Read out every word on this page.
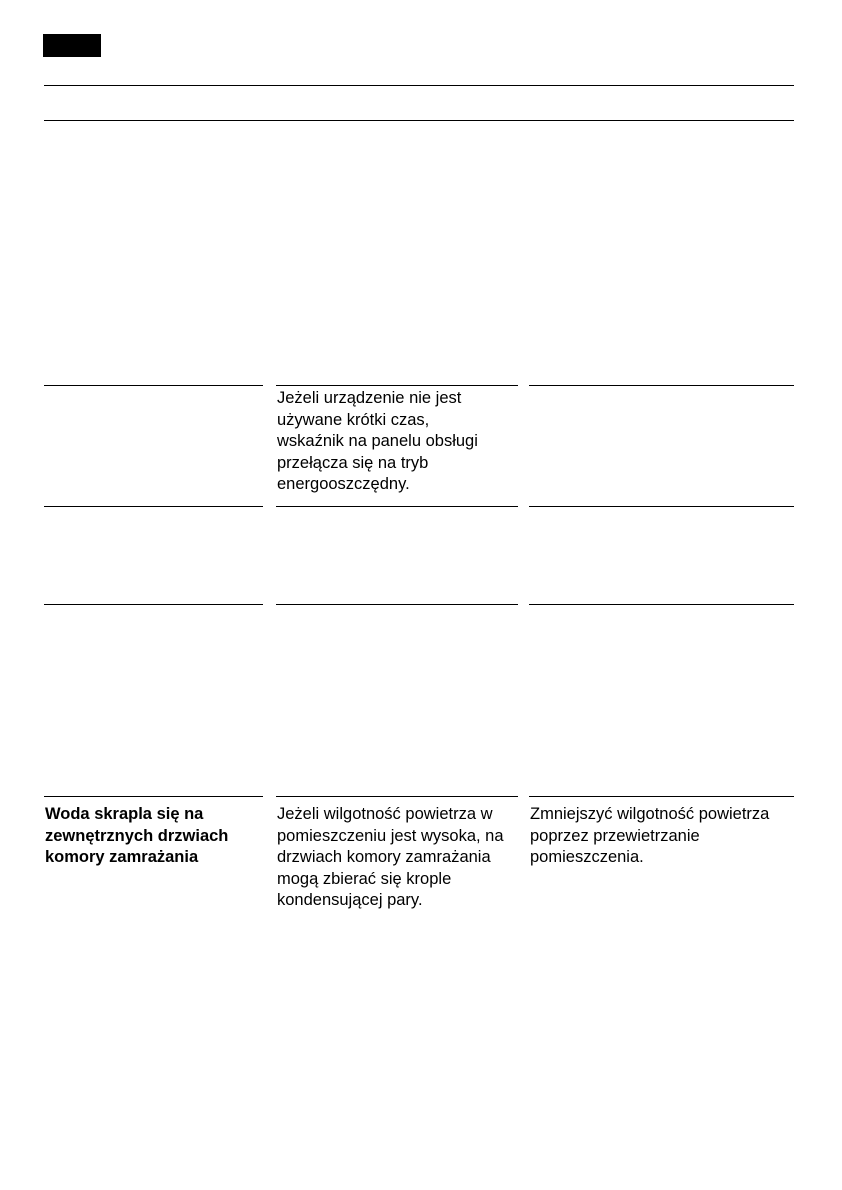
Jeżeli urządzenie nie jest
używane krótki czas,
wskaźnik na panelu obsługi
przełącza się na tryb
energooszczędny.
Woda skrapla się na
zewnętrznych drzwiach
komory zamrażania
Jeżeli wilgotność powietrza w
pomieszczeniu jest wysoka, na
drzwiach komory zamrażania
mogą zbierać się krople
kondensującej pary.
Zmniejszyć wilgotność powietrza
poprzez przewietrzanie
pomieszczenia.
